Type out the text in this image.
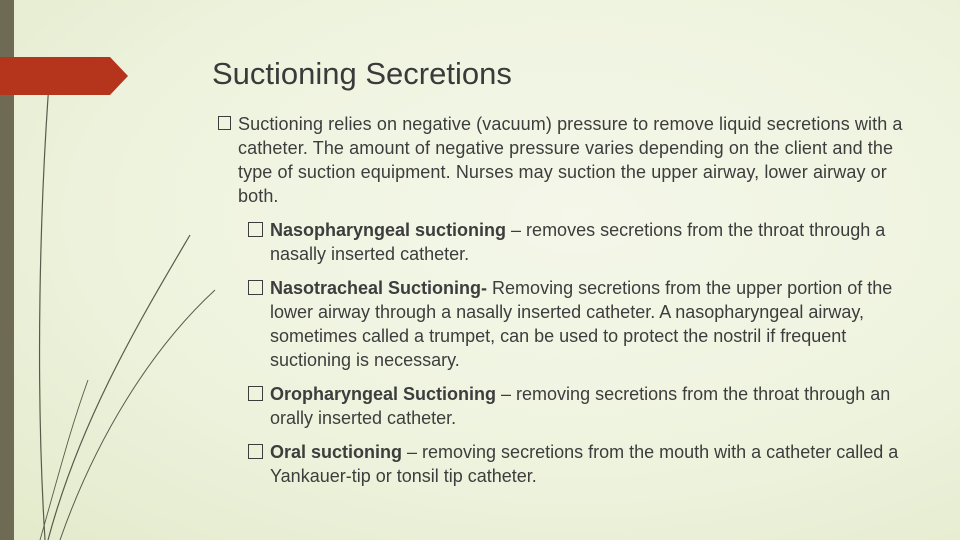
Suctioning Secretions
Suctioning relies on negative (vacuum) pressure to remove liquid secretions with a catheter. The amount of negative pressure varies depending on the client and the type of suction equipment. Nurses may suction the upper airway, lower airway or both.
Nasopharyngeal suctioning – removes secretions from the throat through a nasally inserted catheter.
Nasotracheal Suctioning- Removing secretions from the upper portion of the lower airway through a nasally inserted catheter. A nasopharyngeal airway, sometimes called a trumpet, can be used to protect the nostril if frequent suctioning is necessary.
Oropharyngeal Suctioning – removing secretions from the throat through an orally inserted catheter.
Oral suctioning – removing secretions from the mouth with a catheter called a Yankauer-tip or tonsil tip catheter.
